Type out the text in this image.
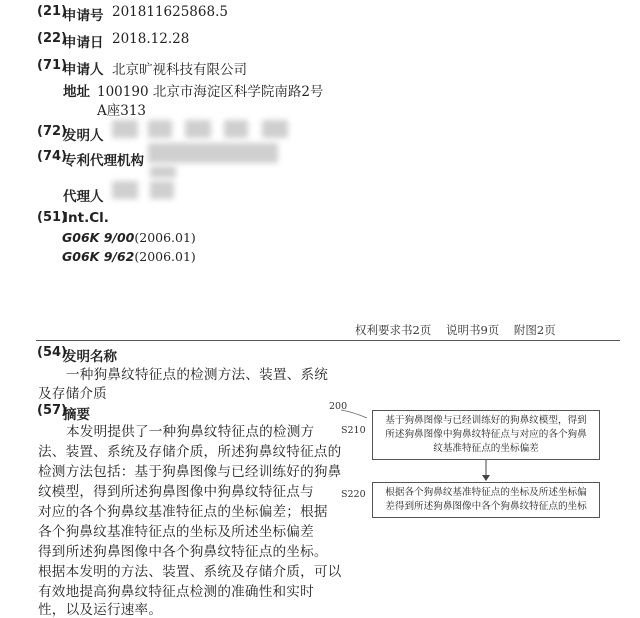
(21)
申请号 201811625868.5
(22)
申请日 2018.12.28
(71)
申请人 北京旷视科技有限公司
地址 100190 北京市海淀区科学院南路2号
A座313
(72)
发明人
(74)
专利代理机构
代理人
(51)
Int.Cl.
G06K 9/00(2006.01)
G06K 9/62(2006.01)
权利要求书2页    说明书9页    附图2页
(54)
发明名称
一种狗鼻纹特征点的检测方法、装置、系统
及存储介质
(57)
摘要
本发明提供了一种狗鼻纹特征点的检测方
法、装置、系统及存储介质，所述狗鼻纹特征点的
检测方法包括：基于狗鼻图像与已经训练好的狗鼻
纹模型，得到所述狗鼻图像中狗鼻纹特征点与
对应的各个狗鼻纹基准特征点的坐标偏差；根据
各个狗鼻纹基准特征点的坐标及所述坐标偏差
得到所述狗鼻图像中各个狗鼻纹特征点的坐标。
根据本发明的方法、装置、系统及存储介质，可以
有效地提高狗鼻纹特征点检测的准确性和实时
性，以及运行速率。
200
S210
基于狗鼻图像与已经训练好的狗鼻纹模型，得到
所述狗鼻图像中狗鼻纹特征点与对应的各个狗鼻
纹基准特征点的坐标偏差
S220	根据各个狗鼻纹基准特征点的坐标及所述坐标偏
差得到所述狗鼻图像中各个狗鼻纹特征点的坐标
